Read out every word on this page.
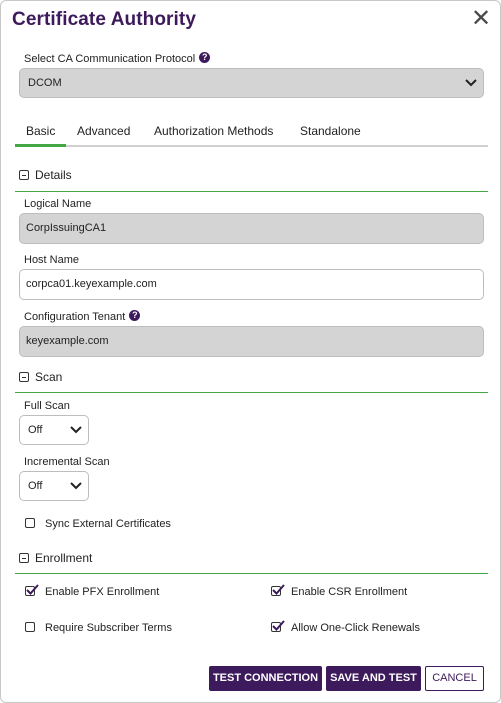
Certificate Authority	✕
Select CA Communication Protocol ?
DCOM
Basic Advanced Authorization Methods Standalone
Details
Logical Name
CorpIssuingCA1
Host Name
corpca01.keyexample.com
Configuration Tenant ?
keyexample.com
Scan
Full Scan
Off
Incremental Scan
Off
Sync External Certificates
Enrollment
Enable PFX Enrollment	Enable CSR Enrollment
Require Subscriber Terms	Allow One-Click Renewals
TEST CONNECTION	SAVE AND TEST	CANCEL
